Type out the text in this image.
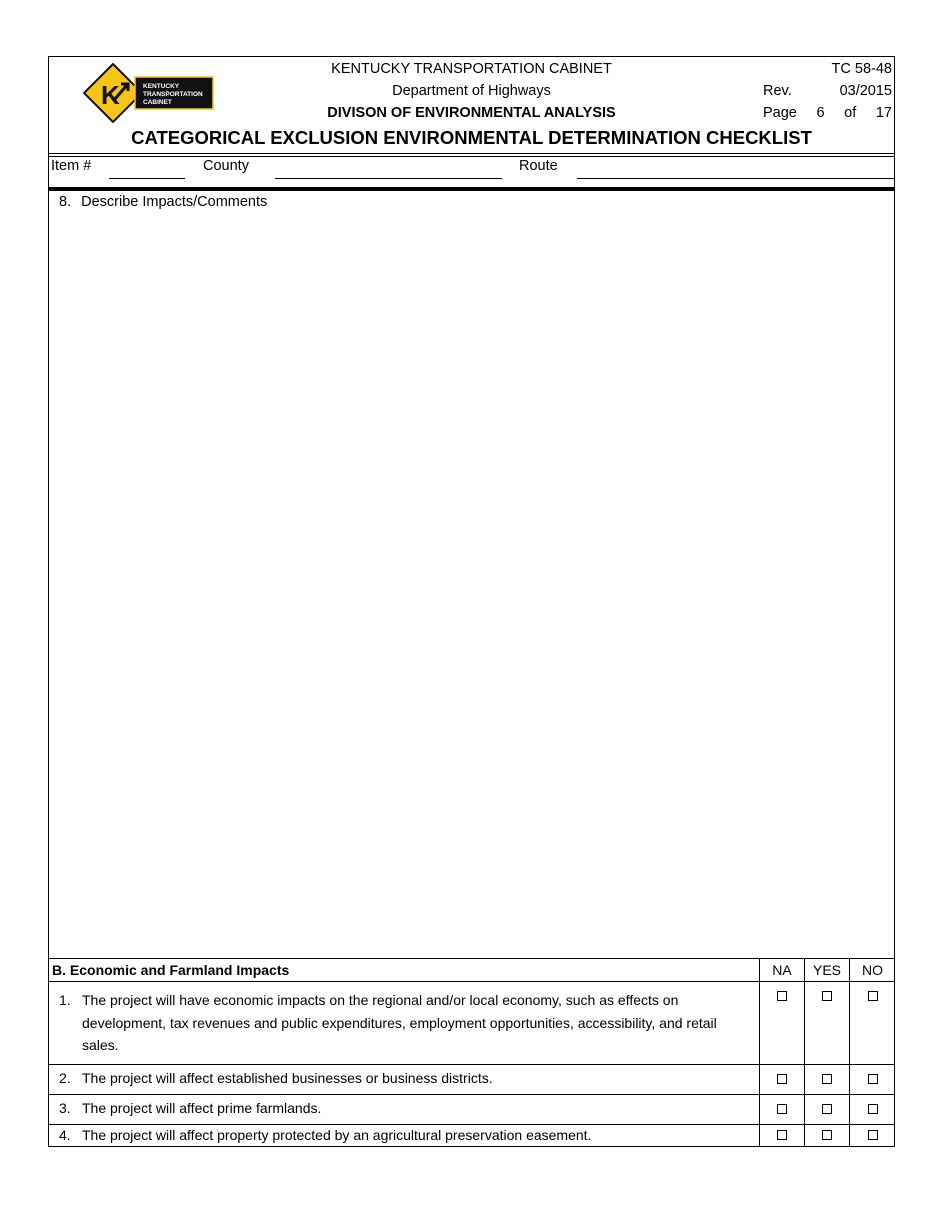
K	KENTUCKY
TRANSPORTATION
CABINET
KENTUCKY TRANSPORTATION CABINET
Department of Highways
DIVISON OF ENVIRONMENTAL ANALYSIS
TC 58-48
Rev.	03/2015
Page 6 of 17
CATEGORICAL EXCLUSION ENVIRONMENTAL DETERMINATION CHECKLIST
Item #	County	Route
8. Describe Impacts/Comments
B. Economic and Farmland Impacts	NA	YES	NO
1. The project will have economic impacts on the regional and/or local economy, such as effects on development, tax revenues and public expenditures, employment opportunities, accessibility, and retail sales.
2. The project will affect established businesses or business districts.
3. The project will affect prime farmlands.
4. The project will affect property protected by an agricultural preservation easement.
